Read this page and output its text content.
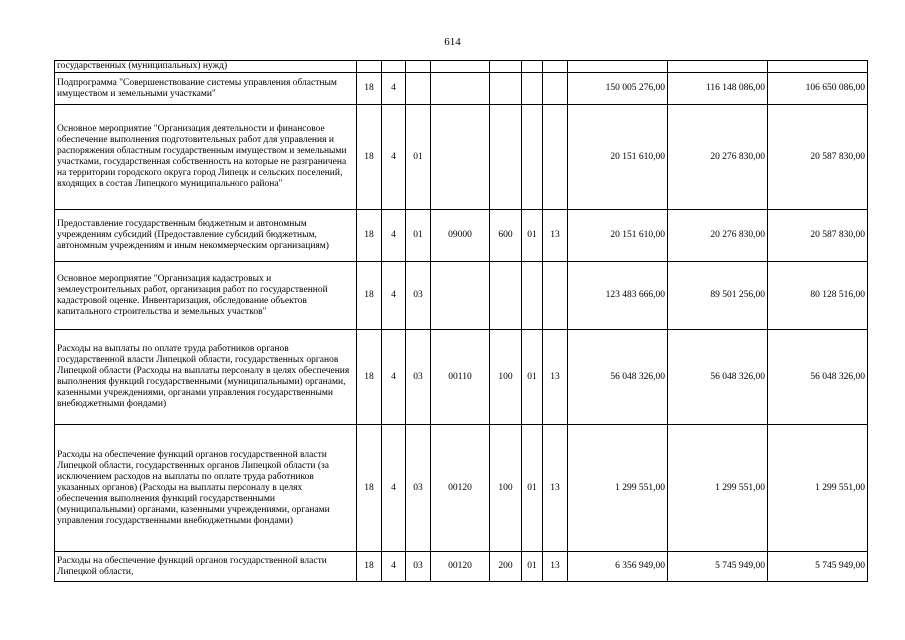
614
государственных (муниципальных) нужд)										
Подпрограмма "Совершенствование системы управления областным имуществом и земельными участками"	18	4						150 005 276,00	116 148 086,00	106 650 086,00
Основное мероприятие "Организация деятельности и финансовое обеспечение выполнения подготовительных работ для управления и распоряжения областным государственным имуществом и земельными участками, государственная собственность на которые не разграничена на территории городского округа город Липецк и сельских поселений, входящих в состав Липецкого муниципального района"	18	4	01					20 151 610,00	20 276 830,00	20 587 830,00
Предоставление государственным бюджетным и автономным учреждениям субсидий (Предоставление субсидий бюджетным, автономным учреждениям и иным некоммерческим организациям)	18	4	01	09000	600	01	13	20 151 610,00	20 276 830,00	20 587 830,00
Основное мероприятие "Организация кадастровых и землеустроительных работ, организация работ по государственной кадастровой оценке. Инвентаризация, обследование объектов капитального строительства и земельных участков"	18	4	03					123 483 666,00	89 501 256,00	80 128 516,00
Расходы на выплаты по оплате труда работников органов государственной власти Липецкой области, государственных органов Липецкой области (Расходы на выплаты персоналу в целях обеспечения выполнения функций государственными (муниципальными) органами, казенными учреждениями, органами управления государственными внебюджетными фондами)	18	4	03	00110	100	01	13	56 048 326,00	56 048 326,00	56 048 326,00
Расходы на обеспечение функций органов государственной власти Липецкой области, государственных органов Липецкой области (за исключением расходов на выплаты по оплате труда работников указанных органов) (Расходы на выплаты персоналу в целях обеспечения выполнения функций государственными (муниципальными) органами, казенными учреждениями, органами управления государственными внебюджетными фондами)	18	4	03	00120	100	01	13	1 299 551,00	1 299 551,00	1 299 551,00
Расходы на обеспечение функций органов государственной власти Липецкой области,	18	4	03	00120	200	01	13	6 356 949,00	5 745 949,00	5 745 949,00
